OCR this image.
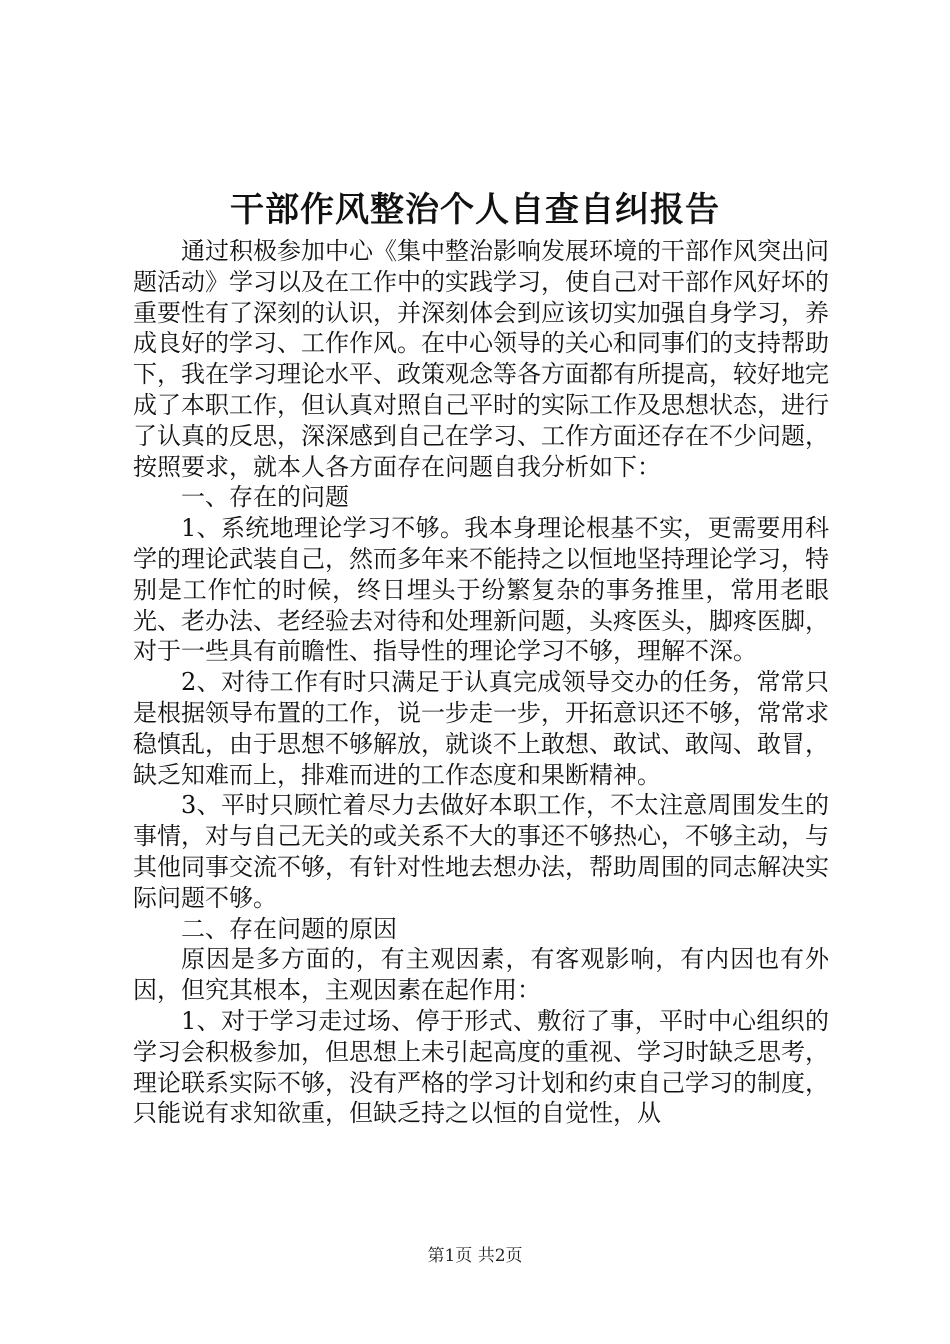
干部作风整治个人自查自纠报告

通过积极参加中心《集中整治影响发展环境的干部作风突出问题活动》学习以及在工作中的实践学习，使自己对干部作风好坏的重要性有了深刻的认识，并深刻体会到应该切实加强自身学习，养成良好的学习、工作作风。在中心领导的关心和同事们的支持帮助下，我在学习理论水平、政策观念等各方面都有所提高，较好地完成了本职工作，但认真对照自己平时的实际工作及思想状态，进行了认真的反思，深深感到自己在学习、工作方面还存在不少问题，按照要求，就本人各方面存在问题自我分析如下：

一、存在的问题

1、系统地理论学习不够。我本身理论根基不实，更需要用科学的理论武装自己，然而多年来不能持之以恒地坚持理论学习，特别是工作忙的时候，终日埋头于纷繁复杂的事务推里，常用老眼光、老办法、老经验去对待和处理新问题，头疼医头，脚疼医脚，对于一些具有前瞻性、指导性的理论学习不够，理解不深。

2、对待工作有时只满足于认真完成领导交办的任务，常常只是根据领导布置的工作，说一步走一步，开拓意识还不够，常常求稳慎乱，由于思想不够解放，就谈不上敢想、敢试、敢闯、敢冒，缺乏知难而上，排难而进的工作态度和果断精神。

3、平时只顾忙着尽力去做好本职工作，不太注意周围发生的事情，对与自己无关的或关系不大的事还不够热心，不够主动，与其他同事交流不够，有针对性地去想办法，帮助周围的同志解决实际问题不够。

二、存在问题的原因

原因是多方面的，有主观因素，有客观影响，有内因也有外因，但究其根本，主观因素在起作用：

1、对于学习走过场、停于形式、敷衍了事，平时中心组织的学习会积极参加，但思想上未引起高度的重视、学习时缺乏思考，理论联系实际不够，没有严格的学习计划和约束自己学习的制度，只能说有求知欲重，但缺乏持之以恒的自觉性，从

第1页 共2页
